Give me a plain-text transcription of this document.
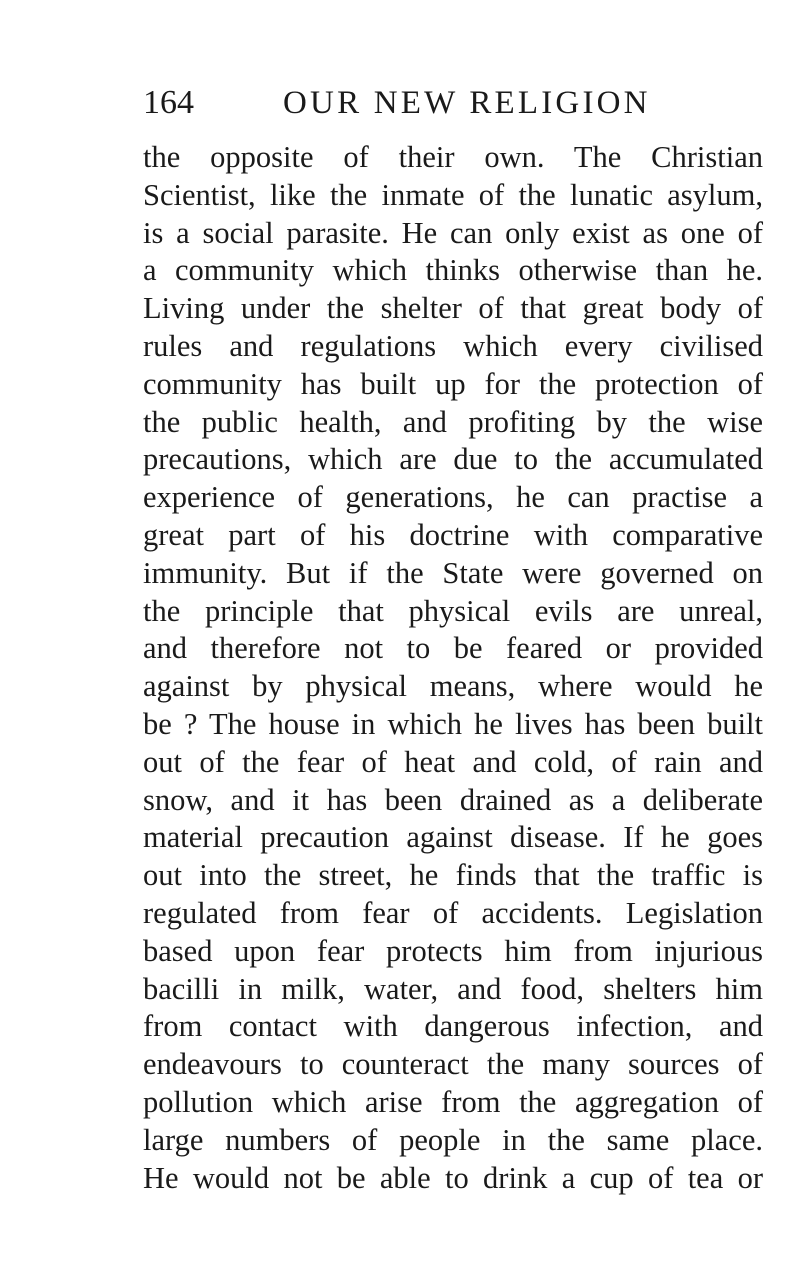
164	OUR NEW RELIGION
the opposite of their own. The Christian
Scientist, like the inmate of the lunatic asylum,
is a social parasite. He can only exist as one of
a community which thinks otherwise than he.
Living under the shelter of that great body of
rules and regulations which every civilised
community has built up for the protection of
the public health, and profiting by the wise
precautions, which are due to the accumulated
experience of generations, he can practise a
great part of his doctrine with comparative
immunity. But if the State were governed on
the principle that physical evils are unreal,
and therefore not to be feared or provided
against by physical means, where would he
be ? The house in which he lives has been built
out of the fear of heat and cold, of rain and
snow, and it has been drained as a deliberate
material precaution against disease. If he goes
out into the street, he finds that the traffic is
regulated from fear of accidents. Legislation
based upon fear protects him from injurious
bacilli in milk, water, and food, shelters him
from contact with dangerous infection, and
endeavours to counteract the many sources of
pollution which arise from the aggregation of
large numbers of people in the same place.
He would not be able to drink a cup of tea or
